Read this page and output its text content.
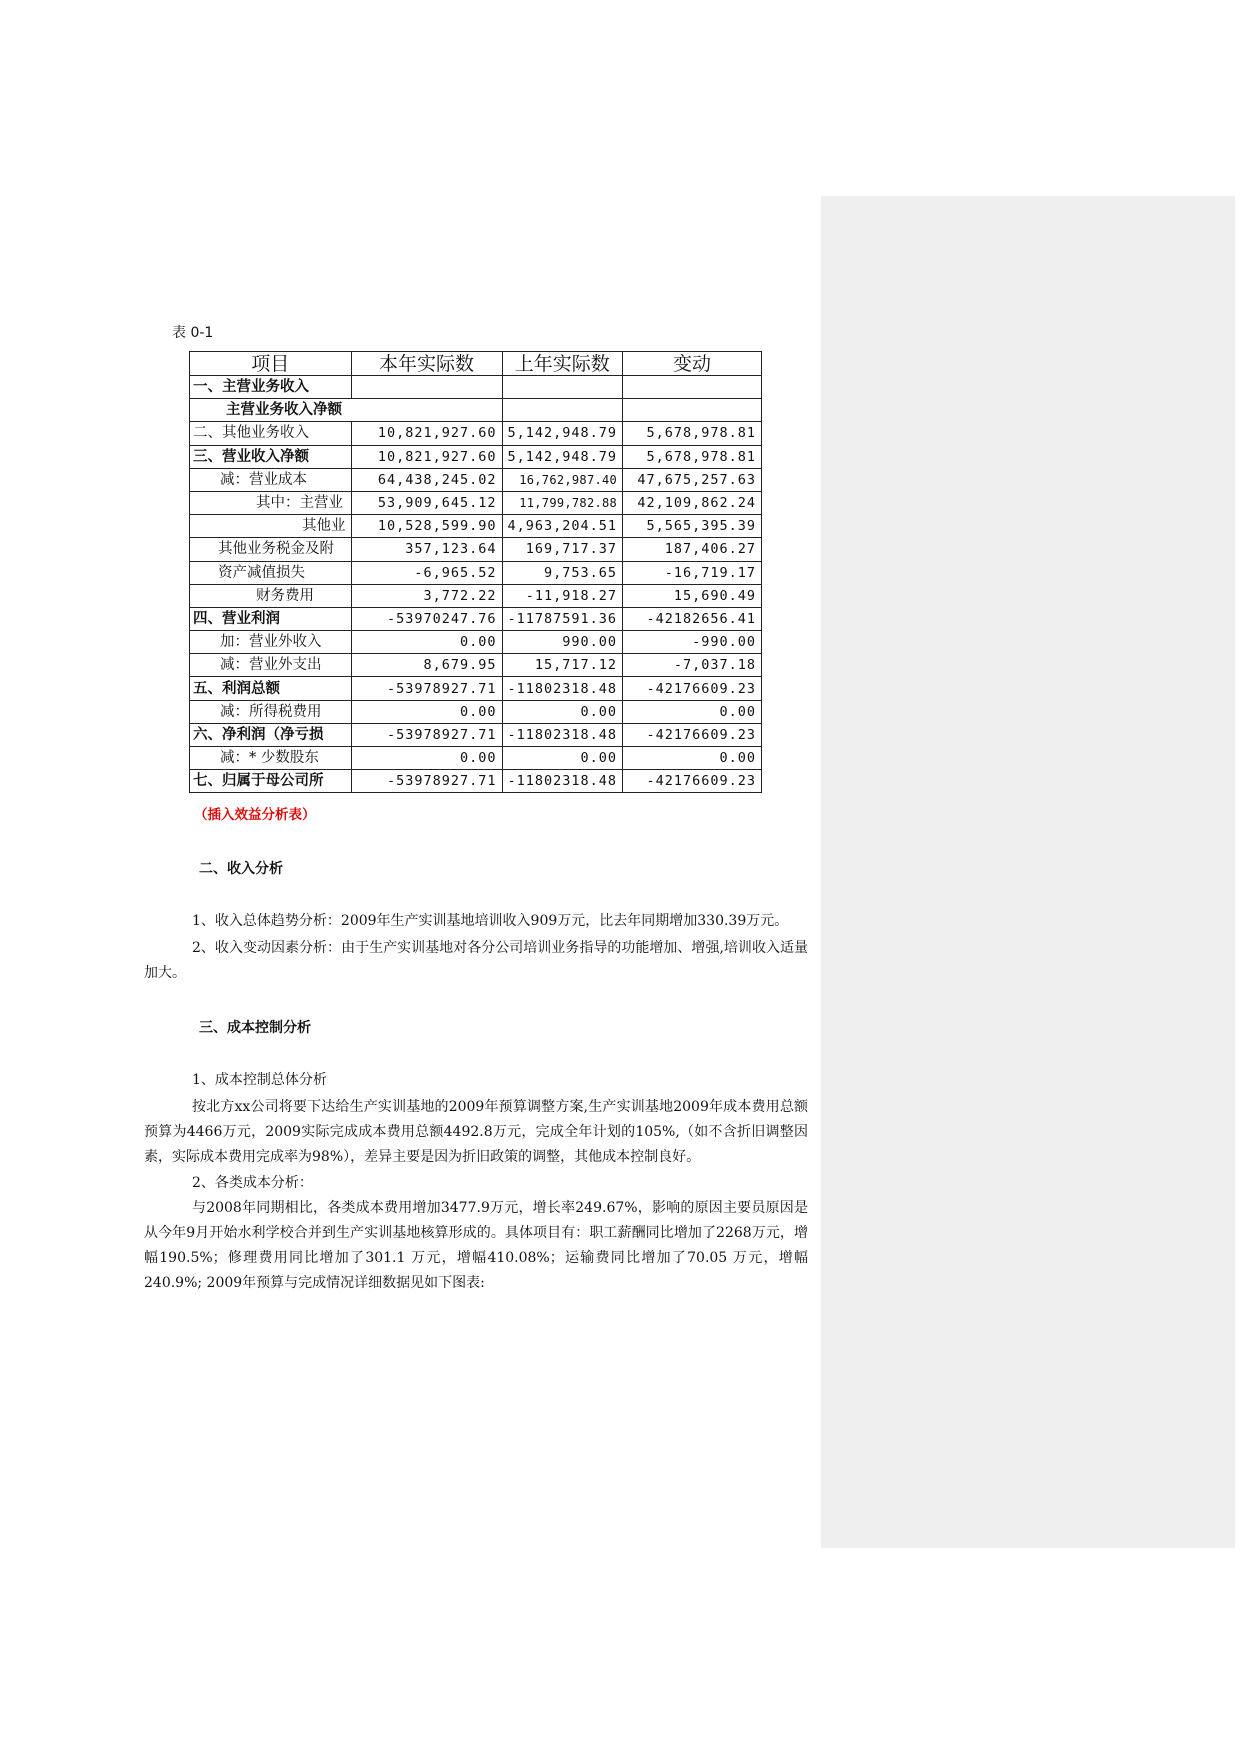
表 0-1
项目	本年实际数	上年实际数	变动
一、主营业务收入			
主营业务收入净额			
二、其他业务收入	10,821,927.60	5,142,948.79	5,678,978.81
三、营业收入净额	10,821,927.60	5,142,948.79	5,678,978.81
减：营业成本	64,438,245.02	16,762,987.40	47,675,257.63
其中：主营业	53,909,645.12	11,799,782.88	42,109,862.24
其他业	10,528,599.90	4,963,204.51	5,565,395.39
其他业务税金及附	357,123.64	169,717.37	187,406.27
资产减值损失	-6,965.52	9,753.65	-16,719.17
财务费用	3,772.22	-11,918.27	15,690.49
四、营业利润	-53970247.76	-11787591.36	-42182656.41
加：营业外收入	0.00	990.00	-990.00
减：营业外支出	8,679.95	15,717.12	-7,037.18
五、利润总额	-53978927.71	-11802318.48	-42176609.23
减：所得税费用	0.00	0.00	0.00
六、净利润（净亏损	-53978927.71	-11802318.48	-42176609.23
减：* 少数股东	0.00	0.00	0.00
七、归属于母公司所	-53978927.71	-11802318.48	-42176609.23
（插入效益分析表）
二、收入分析
1、收入总体趋势分析：2009年生产实训基地培训收入909万元，比去年同期增加330.39万元。
2、收入变动因素分析：由于生产实训基地对各分公司培训业务指导的功能增加、增强,培训收入适量加大。
三、成本控制分析
1、成本控制总体分析
按北方xx公司将要下达给生产实训基地的2009年预算调整方案,生产实训基地2009年成本费用总额预算为4466万元，2009实际完成成本费用总额4492.8万元，完成全年计划的105%,（如不含折旧调整因素，实际成本费用完成率为98%），差异主要是因为折旧政策的调整，其他成本控制良好。
2、各类成本分析：
与2008年同期相比，各类成本费用增加3477.9万元，增长率249.67%，影响的原因主要员原因是从今年9月开始水利学校合并到生产实训基地核算形成的。具体项目有：职工薪酬同比增加了2268万元，增幅190.5%；修理费用同比增加了301.1 万元，增幅410.08%；运输费同比增加了70.05 万元，增幅240.9%; 2009年预算与完成情况详细数据见如下图表:
